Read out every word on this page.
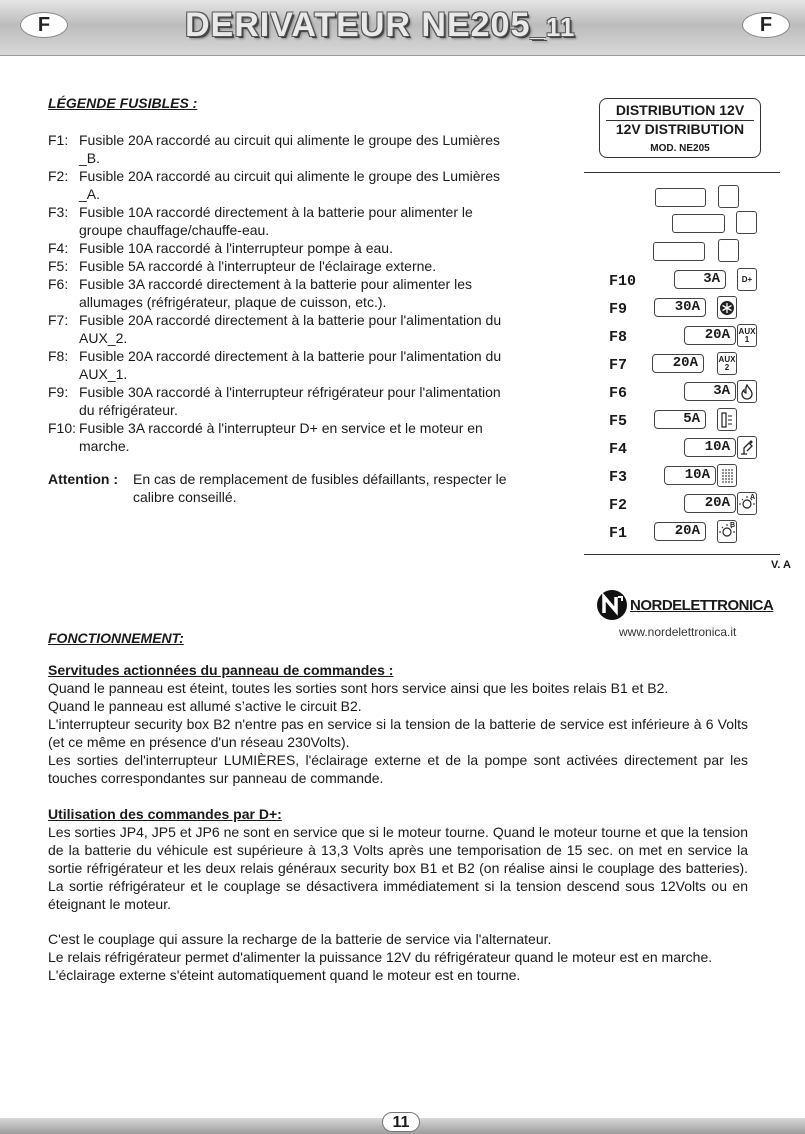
F	DERIVATEUR NE205_11	F
LÉGENDE FUSIBLES :
F1: Fusible 20A raccordé au circuit qui alimente le groupe des Lumières
_B.
F2: Fusible 20A raccordé au circuit qui alimente le groupe des Lumières
_A.
F3: Fusible 10A raccordé directement à la batterie pour alimenter le
groupe chauffage/chauffe-eau.
F4: Fusible 10A raccordé à l'interrupteur pompe à eau.
F5: Fusible 5A raccordé à l'interrupteur de l'éclairage externe.
F6: Fusible 3A raccordé directement à la batterie pour alimenter les
allumages (réfrigérateur, plaque de cuisson, etc.).
F7: Fusible 20A raccordé directement à la batterie pour l'alimentation du
AUX_2.
F8: Fusible 20A raccordé directement à la batterie pour l'alimentation du
AUX_1.
F9: Fusible 30A raccordé à l'interrupteur réfrigérateur pour l'alimentation
du réfrigérateur.
F10: Fusible 3A raccordé à l'interrupteur D+ en service et le moteur en
marche.
Attention :	En cas de remplacement de fusibles défaillants, respecter le
calibre conseillé.
DISTRIBUTION 12V
12V DISTRIBUTION
MOD. NE205
F10	3A	D+
F9	30A
F8	20A	AUX 1
F7	20A	AUX 2
F6	3A
F5	5A
F4	10A
F3	10A
F2	20A	A
F1	20A	B
V. A
NORDELETTRONICA
www.nordelettronica.it
FONCTIONNEMENT:
Servitudes actionnées du panneau de commandes :

Quand le panneau est éteint, toutes les sorties sont hors service ainsi que les boites relais B1 et B2.

Quand le panneau est allumé s’active le circuit B2.

L'interrupteur security box B2 n'entre pas en service si la tension de la batterie de service est inférieure à 6 Volts (et ce même en présence d'un réseau 230Volts).

Les sorties del'interrupteur LUMIÈRES, l'éclairage externe et de la pompe sont activées directement par les touches correspondantes sur panneau de commande.

Utilisation des commandes par D+:

Les sorties JP4, JP5 et JP6 ne sont en service que si le moteur tourne. Quand le moteur tourne et que la tension de la batterie du véhicule est supérieure à 13,3 Volts après une temporisation de 15 sec. on met en service la sortie réfrigérateur et les deux relais généraux security box B1 et B2 (on réalise ainsi le couplage des batteries). La sortie réfrigérateur et le couplage se désactivera immédiatement si la tension descend sous 12Volts ou en éteignant le moteur.

C'est le couplage qui assure la recharge de la batterie de service via l'alternateur.

Le relais réfrigérateur permet d'alimenter la puissance 12V du réfrigérateur quand le moteur est en marche.

L'éclairage externe s'éteint automatiquement quand le moteur est en tourne.

11
